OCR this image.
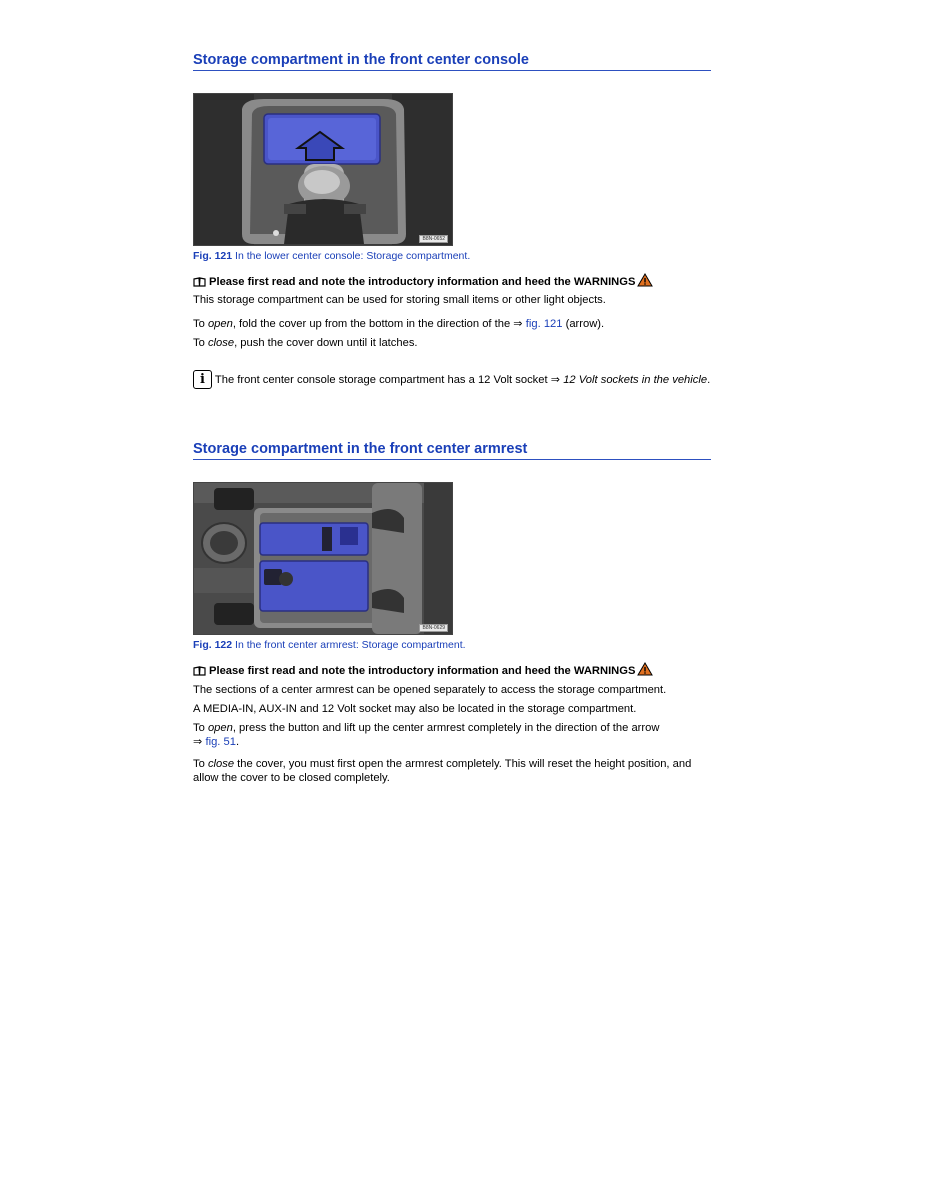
Storage compartment in the front center console
B8N-0652
Fig. 121 In the lower center console: Storage compartment.
Please first read and note the introductory information and heed the WARNINGS
This storage compartment can be used for storing small items or other light objects.
To open, fold the cover up from the bottom in the direction of the ⇒ fig. 121 (arrow).
To close, push the cover down until it latches.
i The front center console storage compartment has a 12 Volt socket ⇒ 12 Volt sockets in the vehicle.
Storage compartment in the front center armrest
B8N-0629
Fig. 122 In the front center armrest: Storage compartment.
Please first read and note the introductory information and heed the WARNINGS
The sections of a center armrest can be opened separately to access the storage compartment.
A MEDIA-IN, AUX-IN and 12 Volt socket may also be located in the storage compartment.
To open, press the button and lift up the center armrest completely in the direction of the arrow
⇒ fig. 51.
To close the cover, you must first open the armrest completely. This will reset the height position, and allow the cover to be closed completely.
